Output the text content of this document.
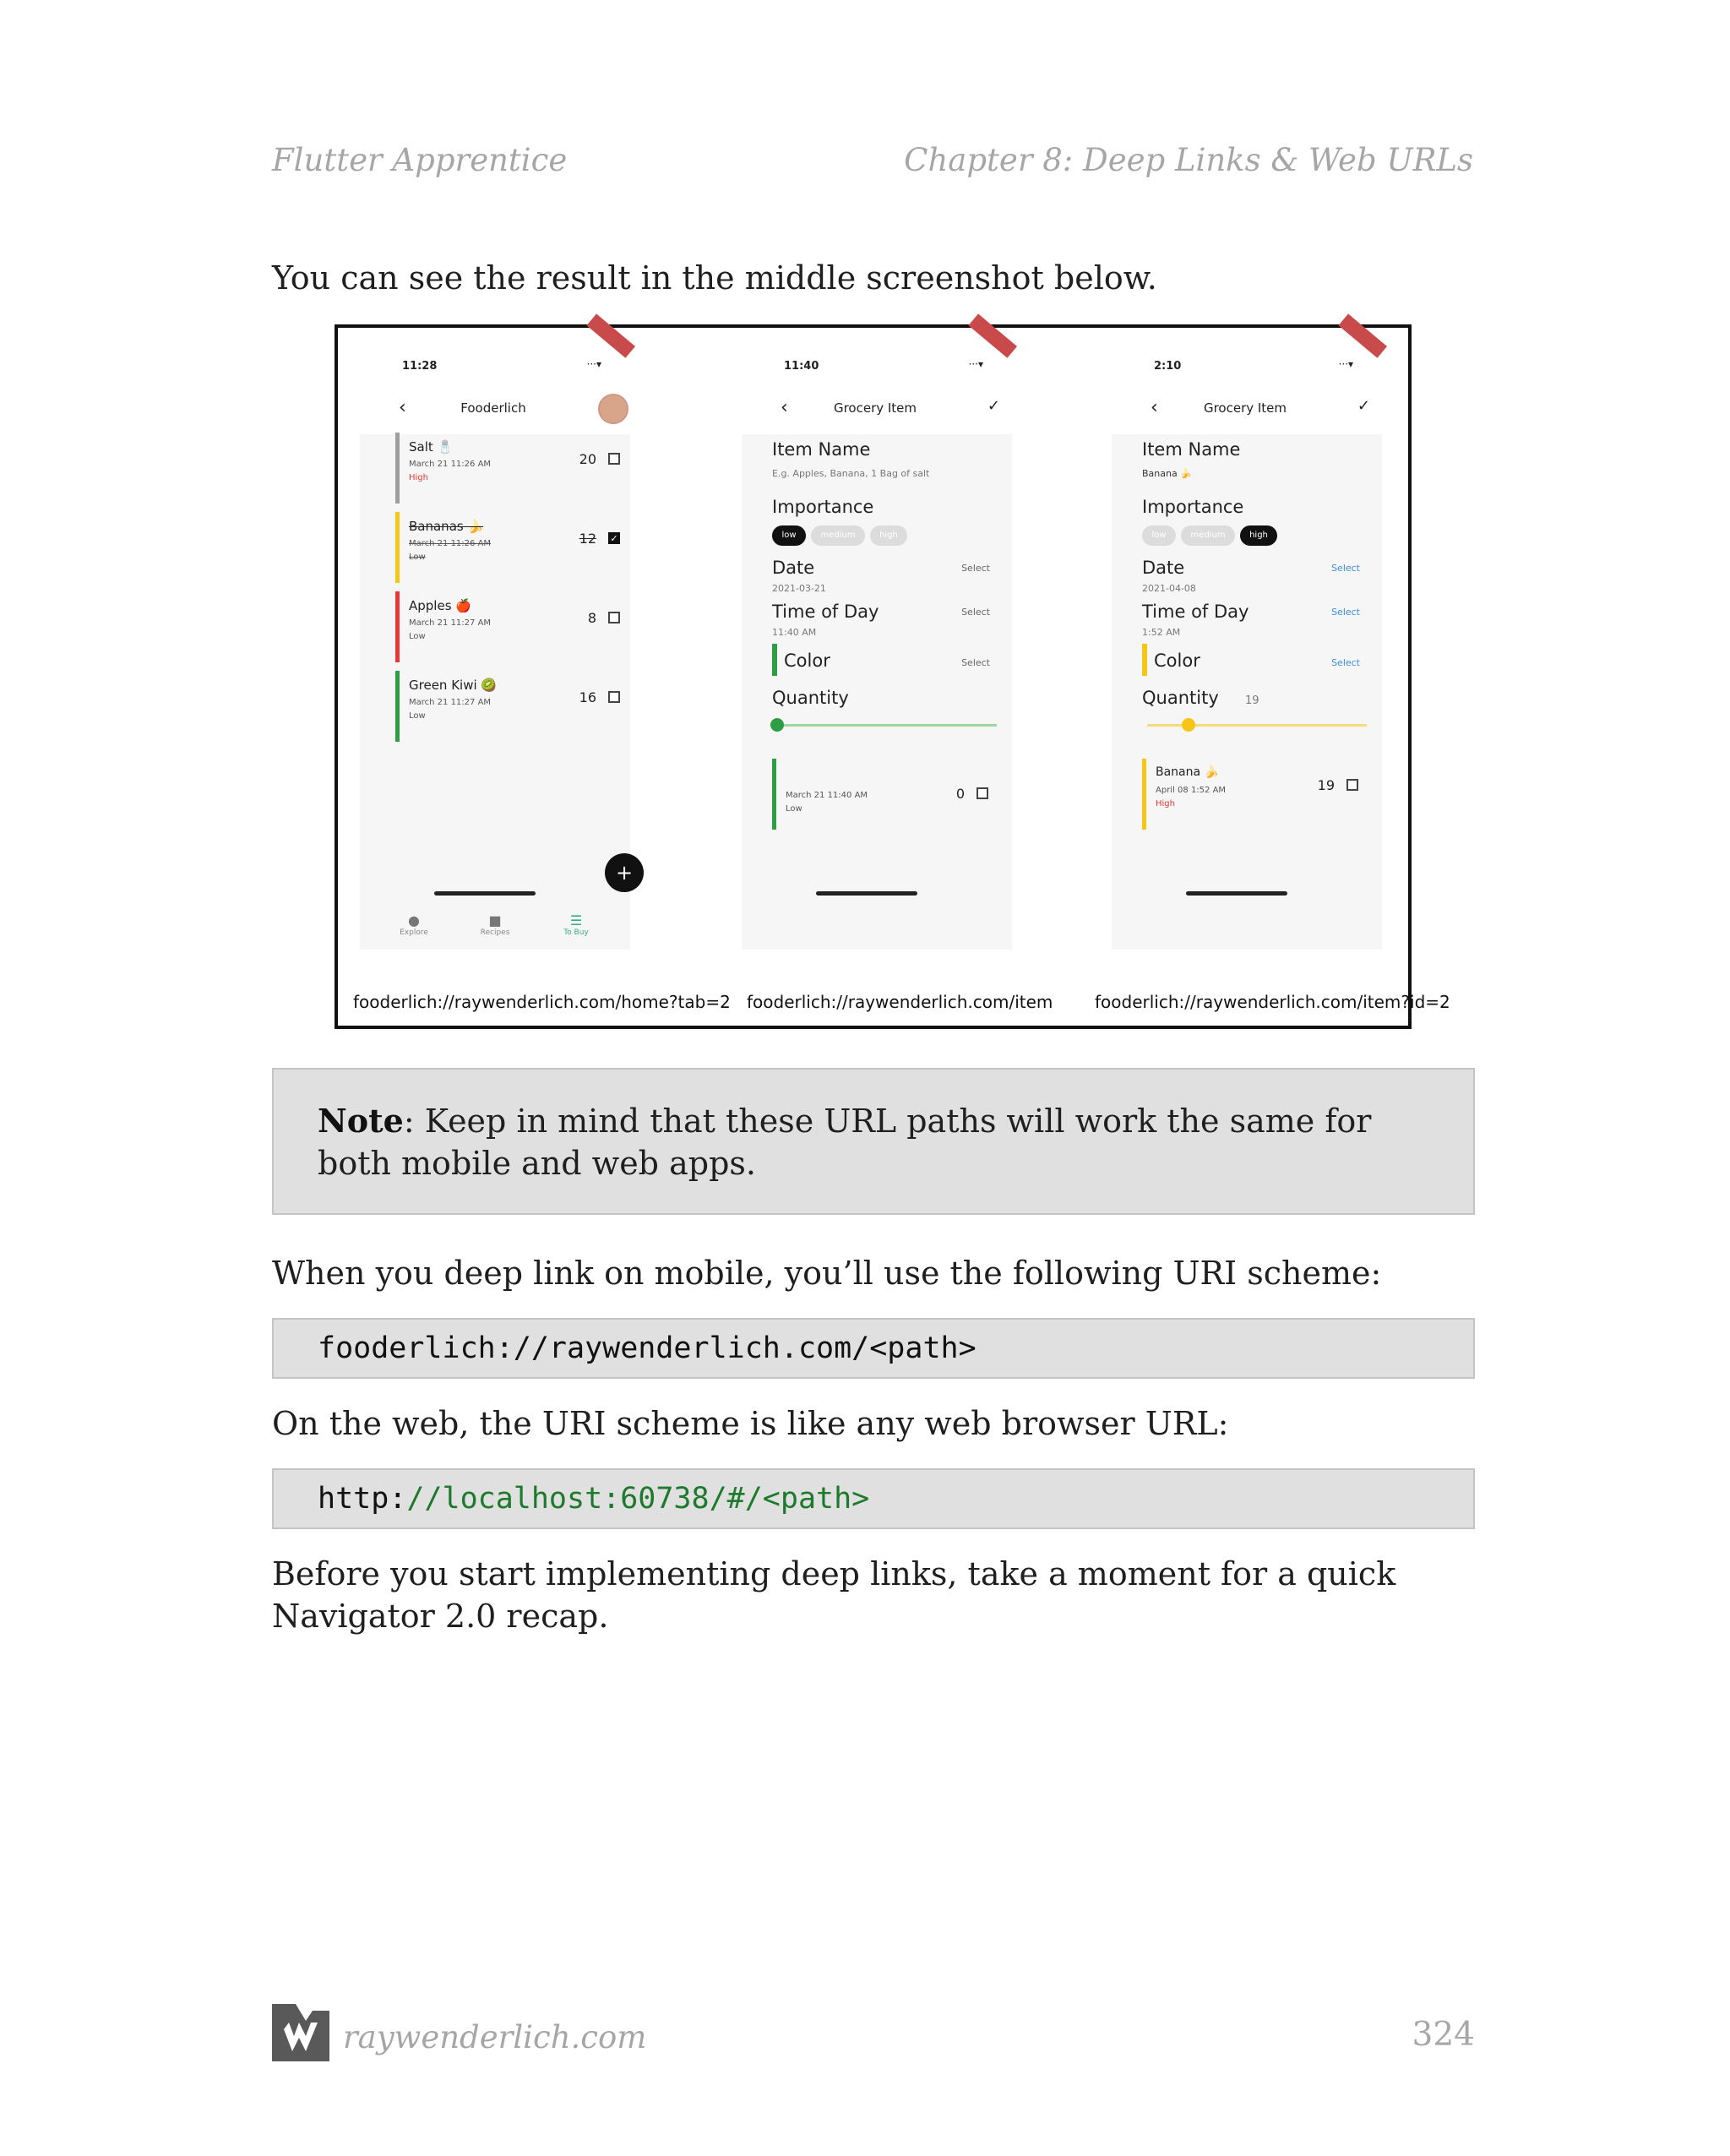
Flutter Apprentice	Chapter 8: Deep Links & Web URLs
You can see the result in the middle screenshot below.
11:28	···▾
‹	Fooderlich
Salt 🧂
March 21 11:26 AM
High
20
Bananas 🍌
March 21 11:26 AM
Low
12 ✓
Apples 🍎
March 21 11:27 AM
Low
8
Green Kiwi 🥝
March 21 11:27 AM
Low
16
+
●
Explore
■
Recipes
☰
To Buy
11:40	···▾
‹	Grocery Item	✓
Item Name
E.g. Apples, Banana, 1 Bag of salt
Importance
low	medium	high
Date	Select
2021-03-21
Time of Day	Select
11:40 AM
Color	Select
Quantity
March 21 11:40 AM
Low
0
2:10	···▾
‹	Grocery Item	✓
Item Name
Banana 🍌
Importance
low	medium	high
Date	Select
2021-04-08
Time of Day	Select
1:52 AM
Color	Select
Quantity 19
Banana 🍌
April 08 1:52 AM
High
19
fooderlich://raywenderlich.com/home?tab=2 fooderlich://raywenderlich.com/item fooderlich://raywenderlich.com/item?id=2
Note: Keep in mind that these URL paths will work the same for both mobile and web apps.
When you deep link on mobile, you’ll use the following URI scheme:
fooderlich://raywenderlich.com/<path>
On the web, the URI scheme is like any web browser URL:
http://localhost:60738/#/<path>
Before you start implementing deep links, take a moment for a quick Navigator 2.0 recap.
raywenderlich.com	324
